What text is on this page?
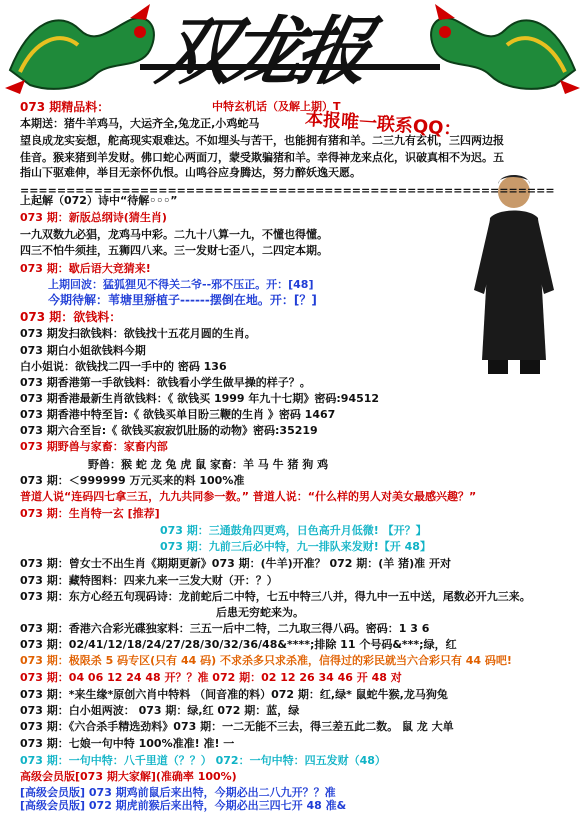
双龙报
本报唯一联系QQ：
073 期精品料：	中特玄机话（及解上期）T
本期送：猪牛羊鸡马，大运齐全,兔龙正,小鸡蛇马
望良成龙实妄想，舵高现实艰难达。不如埋头与苦干，也能拥有猪和羊。二三九有玄机，三四两边报
佳音。猴来猪到羊发财。佛口蛇心两面刀，蒙受欺骗猪和羊。幸得神龙来点化，识破真相不为迟。五
指山下驱难伸，举目无亲怀仇恨。山鸣谷应身腾达，努力醉妖逸天愿。
==========================================================
上起解（072）诗中“待解◦◦◦”
073 期：新版总纲诗(猜生肖)
一九双数九必猖，龙鸡马中彩。二九十八算一九，不懂也得懂。
四三不怕牛须挂，五狮四八来。三一发财七歪八，二四定本期。
073 期：歇后语大竞猜来!
上期回波：猛狐狸见不得关二爷--邪不压正。开：[48]
今期待解：苇塘里掰植子------摆倒在地。开：[？]
073 期：欲钱料：
073 期发扫欲钱料：欲钱找十五花月圆的生肖。
073 期白小姐欲钱料今期
白小姐说：欲钱找二四一手中的 密码 136
073 期香港第一手欲钱料：欲钱看小学生做早操的样子？。
073 期香港最新生肖欲钱料：《 欲钱买 1999 年九十七期》密码:94512
073 期香港中特至旨:《 欲钱买单目盼三鞭的生肖 》密码 1467
073 期六合至旨:《 欲钱买寂寂饥肚肠的动物》密码:35219
073 期野兽与家畜：家畜内部
野兽：猴 蛇 龙 兔 虎 鼠 家畜：羊 马 牛 猪 狗 鸡
073 期：＜999999 万元买来的料 100%准
普道人说“连码四七拿三五，九九共同参一数。” 普道人说：“什么样的男人对美女最感兴趣？”
073 期：生肖特一玄 [推荐]
073 期：三通鼓角四更鸡，日色高升月低微! 【开？】
073 期：九前三后必中特，九一排队来发财!【开 48】
073 期：曾女士不出生肖《期期更新》073 期：(牛羊)开准？ 072 期：(羊 猪)准 开对
073 期：藏特图料：四来九来一三发大财（开：？）
073 期：东方心经五句现码诗：龙前蛇后二中特，七五中特三八并，得九中一五中送，尾数必开九三来。
后患无穷蛇来为。
073 期：香港六合彩光碟独家料：三五一后中二特，二九取三得八码。密码：1 3 6
073 期：02/41/12/18/24/27/28/30/32/36/48&****;排除 11 个号码&***;绿，红
073 期：极限杀 5 码专区(只有 44 码) 不求杀多只求杀准，信得过的彩民就当六合彩只有 44 码吧!
073 期：04 06 12 24 48 开？？准 072 期：02 12 26 34 46 开 48 对
073 期：*来生缘*原创六肖中特料 （间音准的料）072 期：红,绿* 鼠蛇牛猴,龙马狗兔
073 期：白小姐两波： 073 期：绿,红 072 期：蓝，绿
073 期：《六合杀手精选劲料》073 期：一二无能不三去，得三差五此二数。 鼠 龙 大单
073 期：七娘一句中特 100%准准! 准! 一
073 期：一句中特：八千里道（？？） 072：一句中特：四五发财（48）
高级会员版[073 期大家解](准确率 100%)
[高级会员版] 073 期鸡前鼠后来出特，今期必出二八九开？？准
[高级会员版] 072 期虎前猴后来出特，今期必出三四七开 48 准&
